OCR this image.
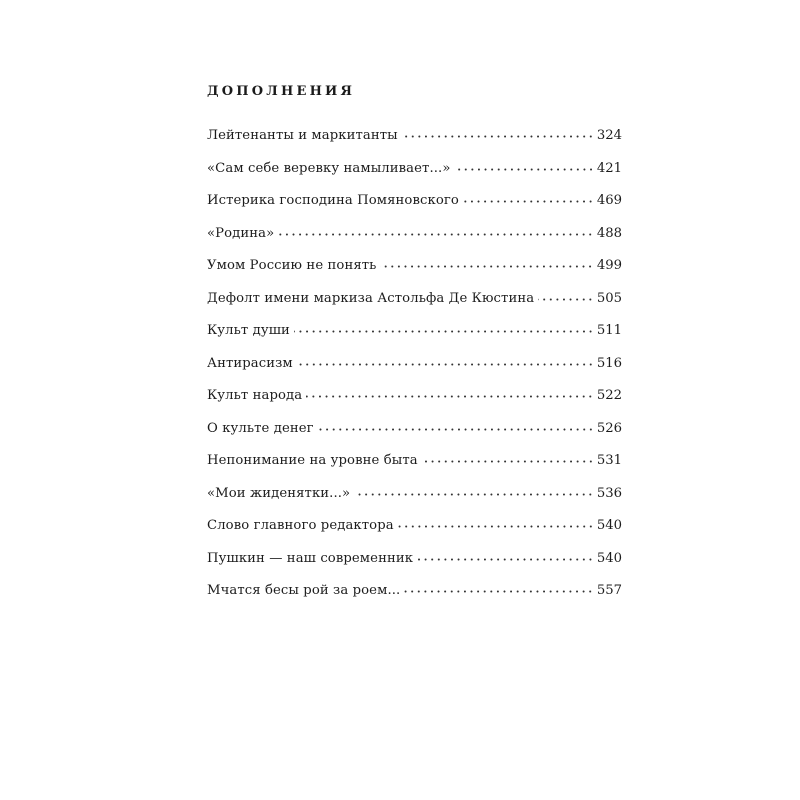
ДОПОЛНЕНИЯ
Лейтенанты и маркитанты	324
«Сам себе веревку намыливает...»	421
Истерика господина Помяновского	469
«Родина»	488
Умом Россию не понять	499
Дефолт имени маркиза Астольфа Де Кюстина	505
Культ души	511
Антирасизм	516
Культ народа	522
О культе денег	526
Непонимание на уровне быта	531
«Мои жиденятки...»	536
Слово главного редактора	540
Пушкин — наш современник	540
Мчатся бесы рой за роем...	557
